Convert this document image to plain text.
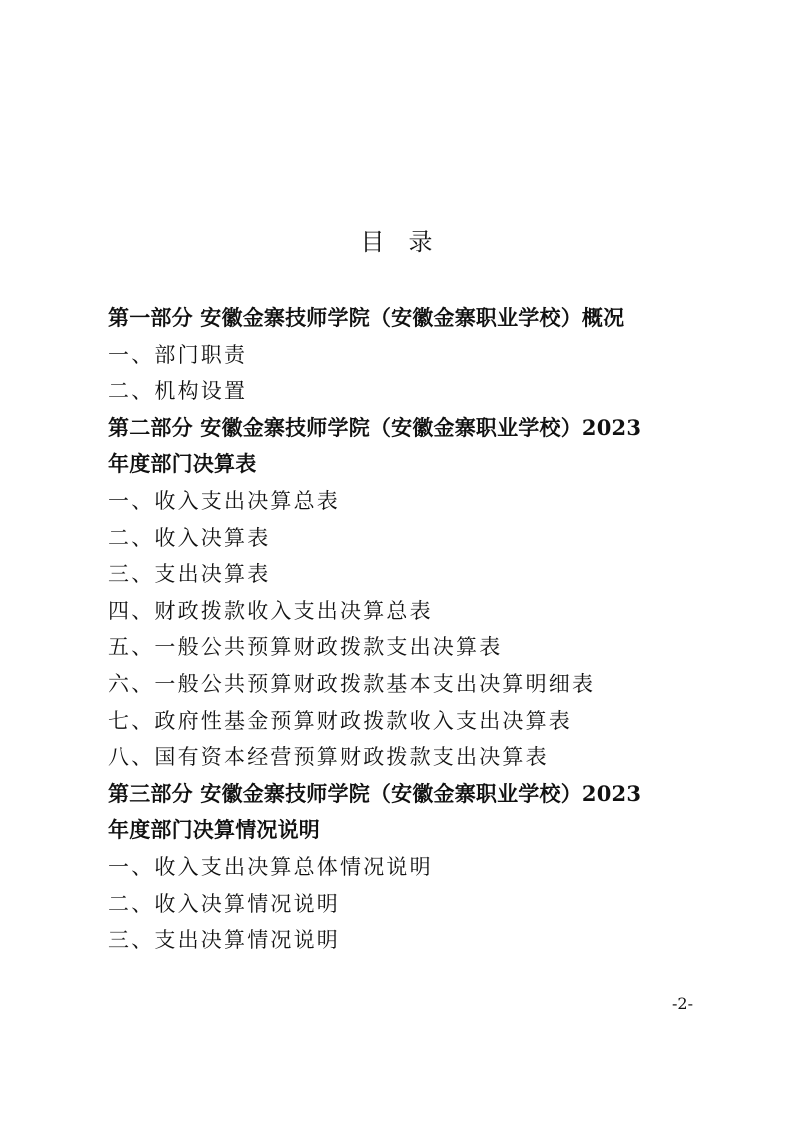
目 录
第一部分 安徽金寨技师学院（安徽金寨职业学校）概况
一、部门职责
二、机构设置
第二部分 安徽金寨技师学院（安徽金寨职业学校）2023
年度部门决算表
一、收入支出决算总表
二、收入决算表
三、支出决算表
四、财政拨款收入支出决算总表
五、一般公共预算财政拨款支出决算表
六、一般公共预算财政拨款基本支出决算明细表
七、政府性基金预算财政拨款收入支出决算表
八、国有资本经营预算财政拨款支出决算表
第三部分 安徽金寨技师学院（安徽金寨职业学校）2023
年度部门决算情况说明
一、收入支出决算总体情况说明
二、收入决算情况说明
三、支出决算情况说明
-2-
